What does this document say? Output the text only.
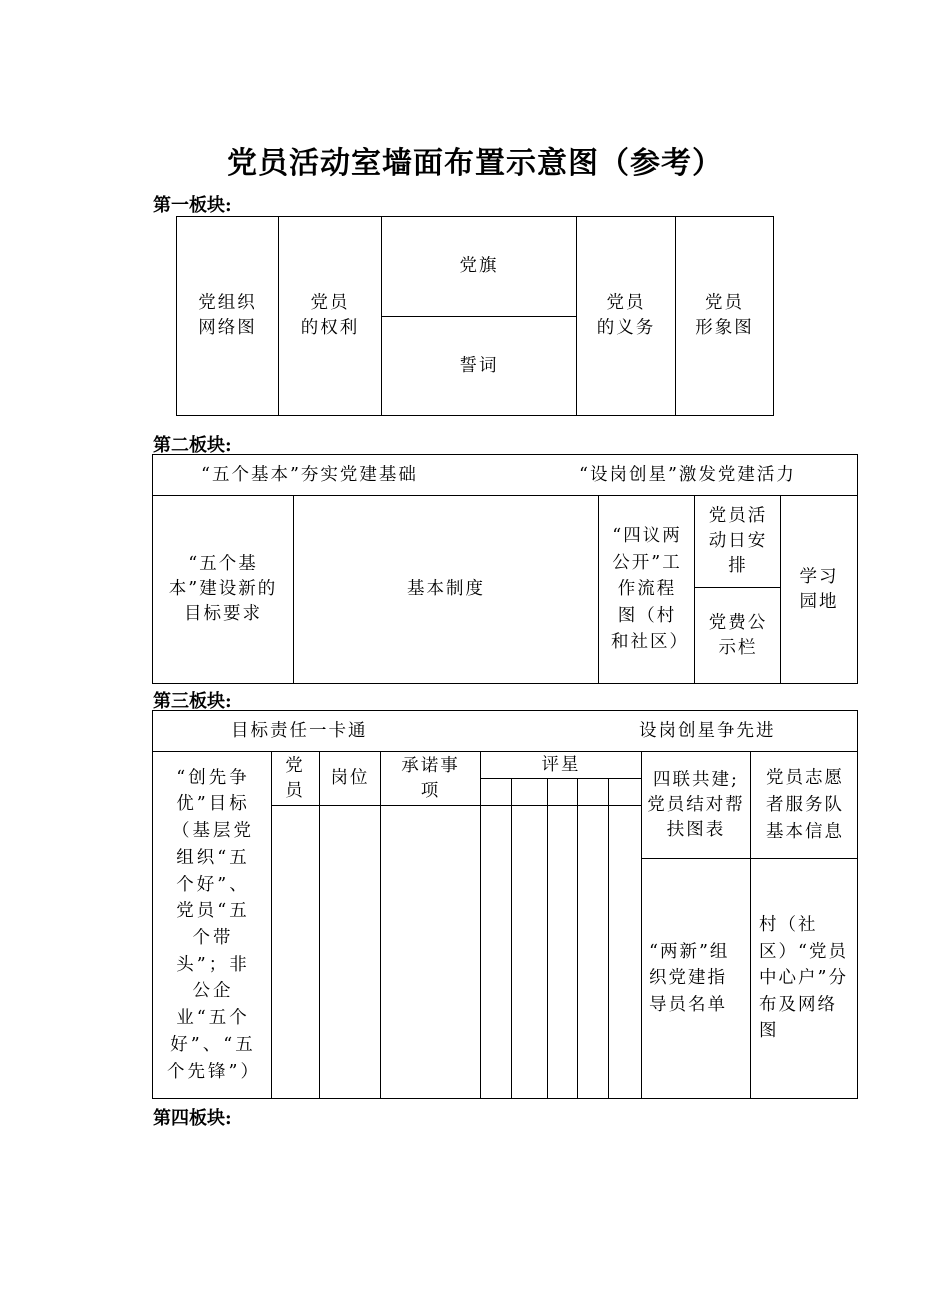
党员活动室墙面布置示意图（参考）
第一板块:
党组织
网络图
党员
的权利
党旗
誓词
党员
的义务
党员
形象图
第二板块:
“五个基本”夯实党建基础	“设岗创星”激发党建活力
“五个基本”建设新的目标要求
基本制度
“四议两公开”工作流程图（村和社区）
党员活动日安排
党费公示栏
学习
园地
第三板块:
目标责任一卡通	设岗创星争先进
“创先争优”目标（基层党组织“五个好”、党员“五个带头”；非公企业“五个好”、“五个先锋”）
党员
岗位
承诺事项
评星
四联共建;
党员结对帮扶图表
党员志愿者服务队基本信息
“两新”组织党建指导员名单
村（社区）“党员中心户”分布及网络图
第四板块:
